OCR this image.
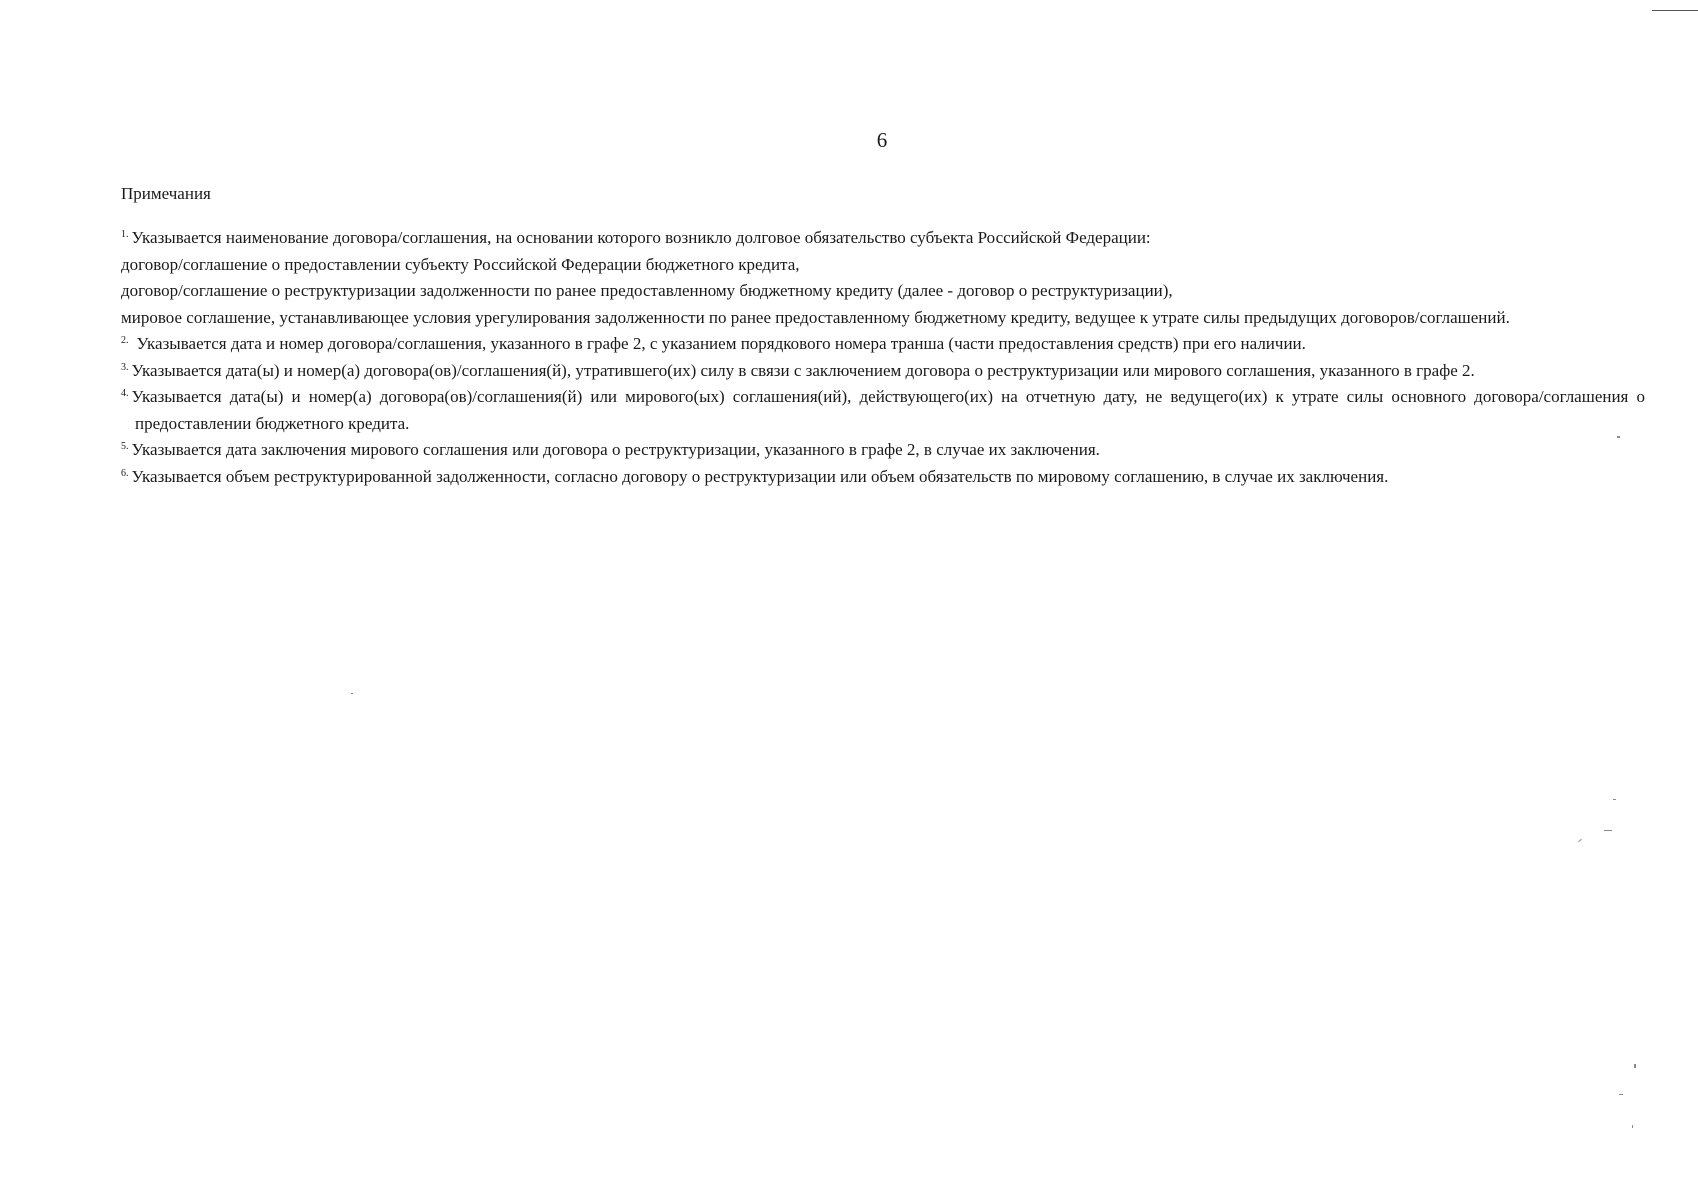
6
Примечания

$^{1.}$ Указывается наименование договора/соглашения, на основании которого возникло долговое обязательство субъекта Российской Федерации:

договор/соглашение о предоставлении субъекту Российской Федерации бюджетного кредита,

договор/соглашение о реструктуризации задолженности по ранее предоставленному бюджетному кредиту (далее - договор о реструктуризации),

мировое соглашение, устанавливающее условия урегулирования задолженности по ранее предоставленному бюджетному кредиту, ведущее к утрате силы предыдущих договоров/соглашений.

$^{2.}$ Указывается дата и номер договора/соглашения, указанного в графе 2, с указанием порядкового номера транша (части предоставления средств) при его наличии.

$^{3.}$ Указывается дата(ы) и номер(а) договора(ов)/соглашения(й), утратившего(их) силу в связи с заключением договора о реструктуризации или мирового соглашения, указанного в графе 2.

$^{4.}$ Указывается дата(ы) и номер(а) договора(ов)/соглашения(й) или мирового(ых) соглашения(ий), действующего(их) на отчетную дату, не ведущего(их) к утрате силы основного договора/соглашения о предоставлении бюджетного кредита.

$^{5.}$ Указывается дата заключения мирового соглашения или договора о реструктуризации, указанного в графе 2, в случае их заключения.

$^{6.}$ Указывается объем реструктурированной задолженности, согласно договору о реструктуризации или объем обязательств по мировому соглашению, в случае их заключения.
